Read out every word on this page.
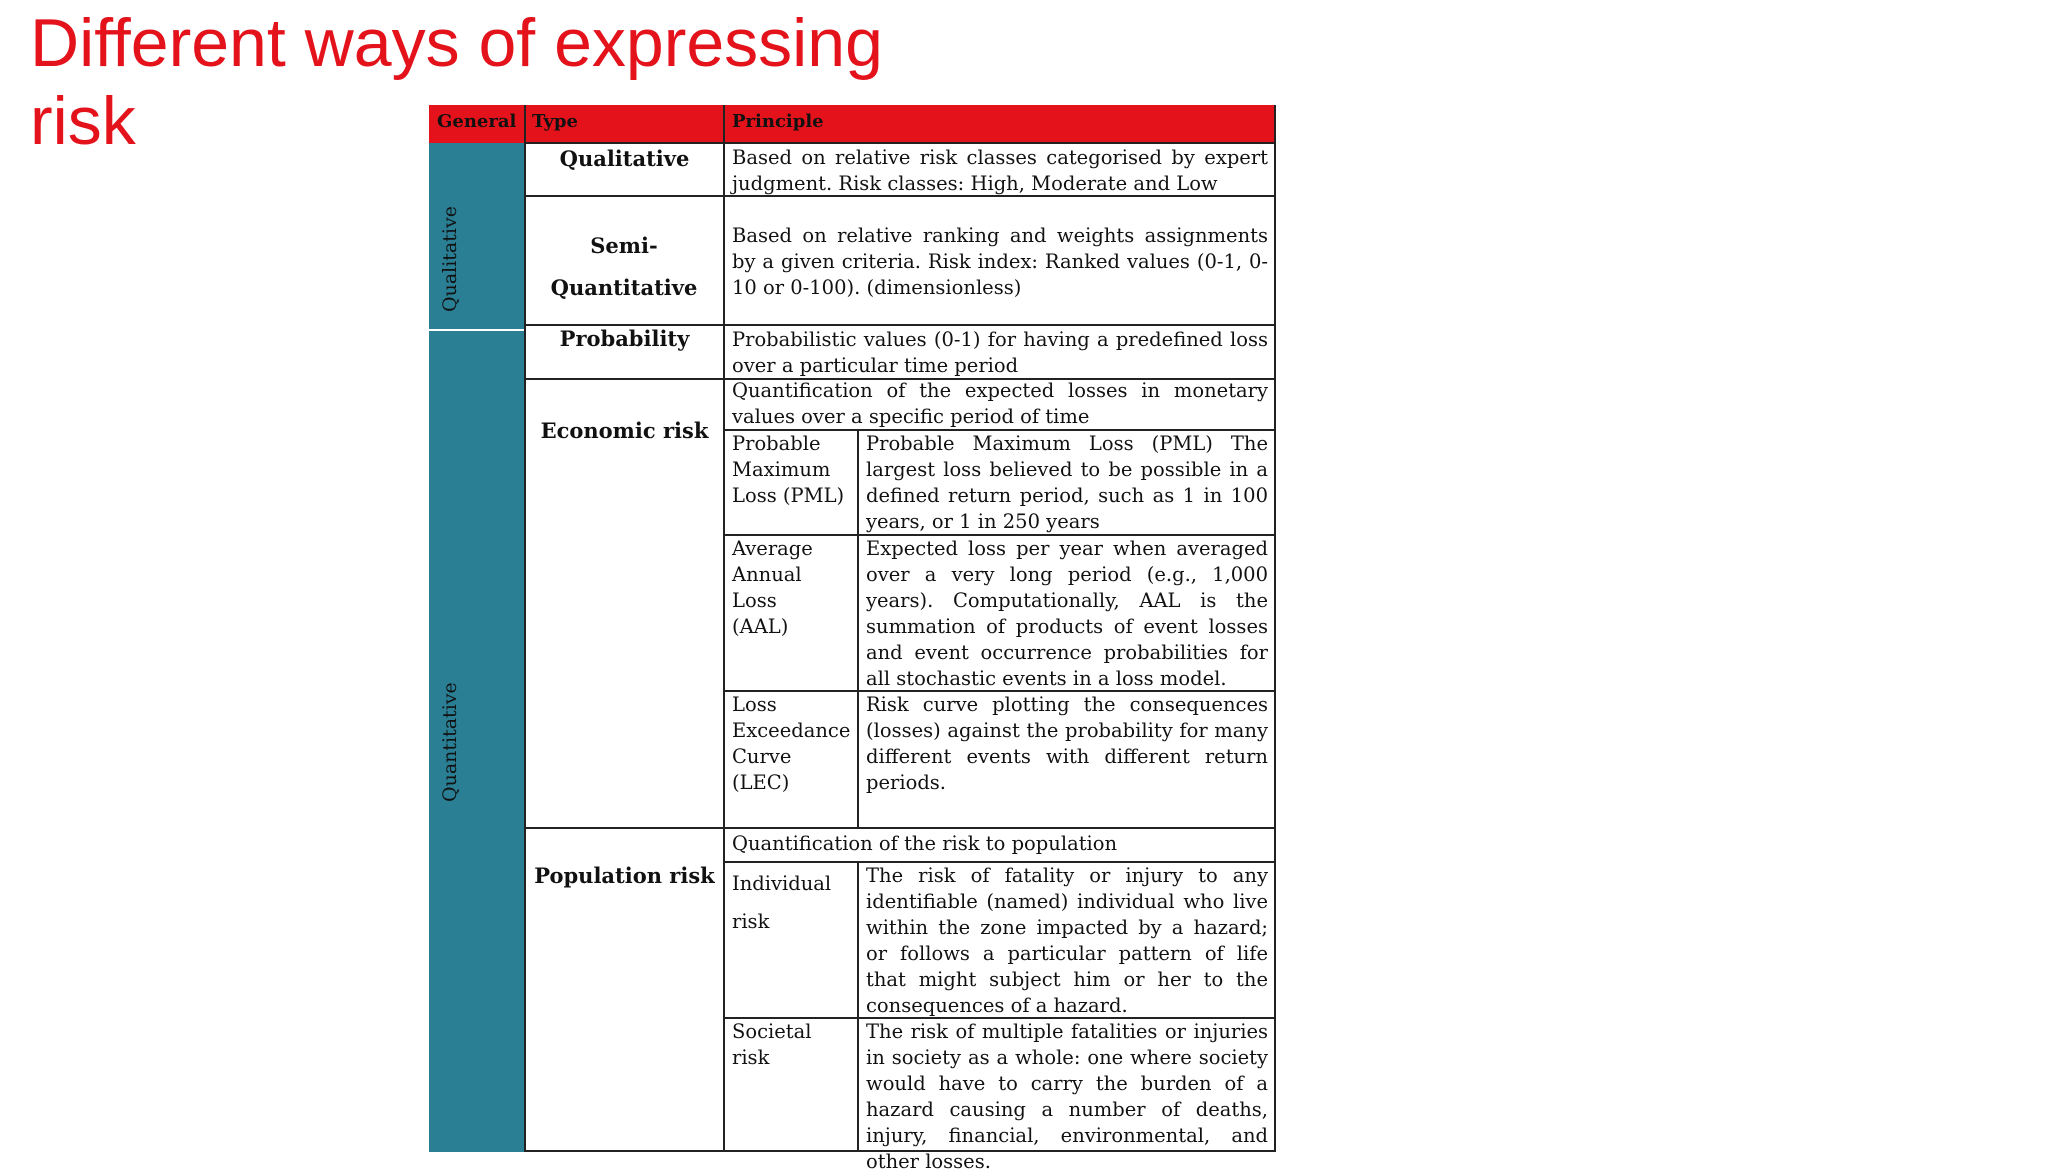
Different ways of expressing risk	General Type	Principle
Qualitative
Quantitative
Qualitative
Semi-Quantitative
Probability
Economic risk
Population risk
Based on relative risk classes categorised by expert judgment. Risk classes: High, Moderate and Low
Based on relative ranking and weights assignments by a given criteria. Risk index: Ranked values (0-1, 0-10 or 0-100). (dimensionless)
Probabilistic values (0-1) for having a predefined loss over a particular time period
Quantification of the expected losses in monetary values over a specific period of time
Probable Maximum Loss (PML)
Probable Maximum Loss (PML) The largest loss believed to be possible in a defined return period, such as 1 in 100 years, or 1 in 250 years
Average Annual Loss (AAL)
Expected loss per year when averaged over a very long period (e.g., 1,000 years). Computationally, AAL is the summation of products of event losses and event occurrence probabilities for all stochastic events in a loss model.
Loss Exceedance Curve (LEC)
Risk curve plotting the consequences (losses) against the probability for many different events with different return periods.
Quantification of the risk to population
Individual risk
The risk of fatality or injury to any identifiable (named) individual who live within the zone impacted by a hazard; or follows a particular pattern of life that might subject him or her to the consequences of a hazard.
Societal risk
The risk of multiple fatalities or injuries in society as a whole: one where society would have to carry the burden of a hazard causing a number of deaths, injury, financial, environmental, and other losses.
